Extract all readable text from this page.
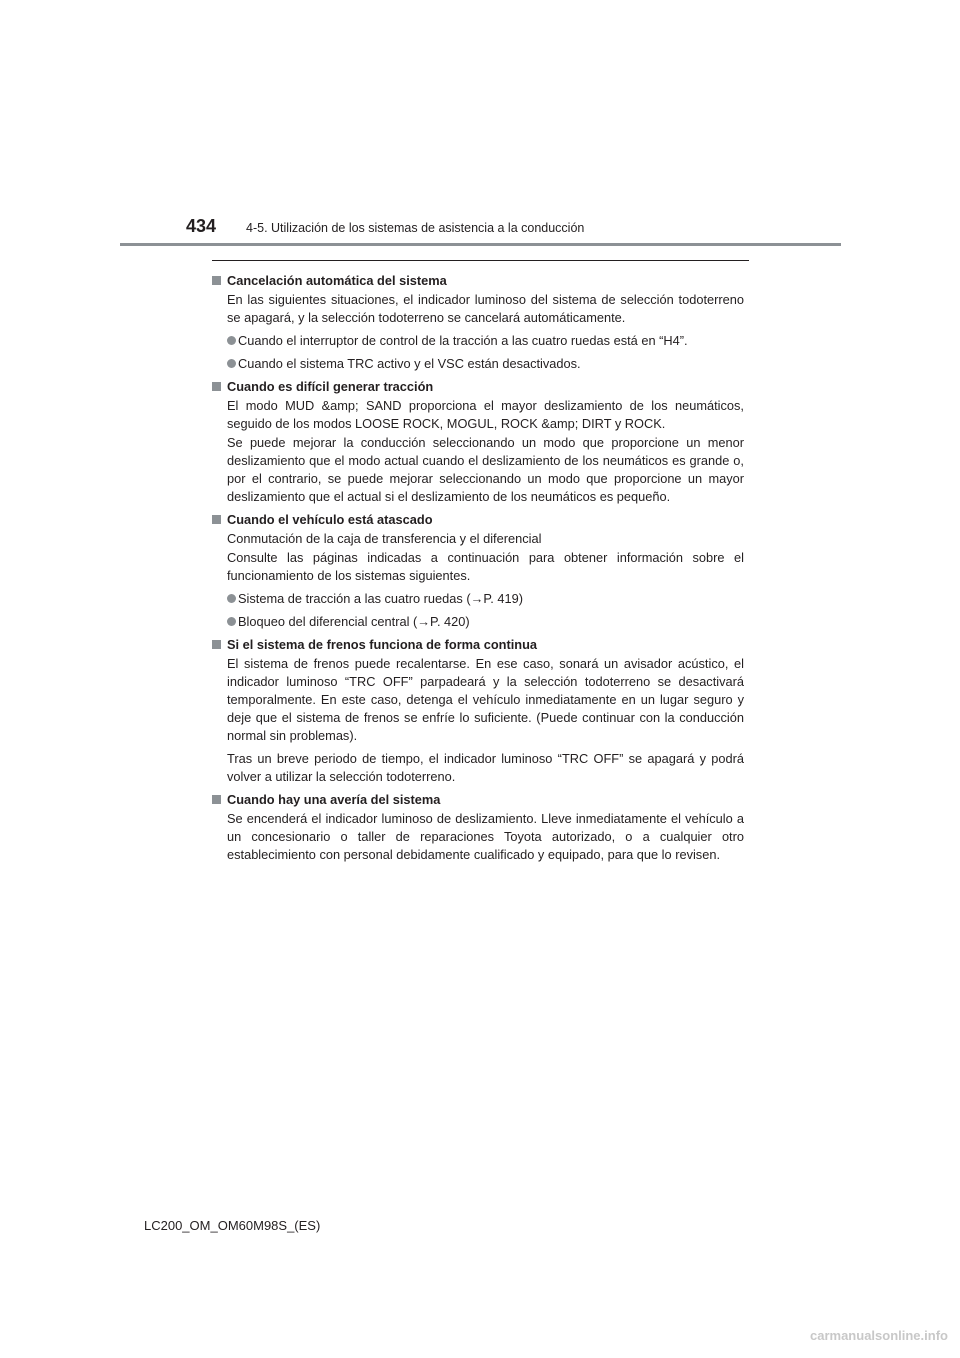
434 4-5. Utilización de los sistemas de asistencia a la conducción
Cancelación automática del sistema
En las siguientes situaciones, el indicador luminoso del sistema de selección todoterreno se apagará, y la selección todoterreno se cancelará automáticamente.
Cuando el interruptor de control de la tracción a las cuatro ruedas está en “H4”.
Cuando el sistema TRC activo y el VSC están desactivados.
Cuando es difícil generar tracción
El modo MUD &amp; SAND proporciona el mayor deslizamiento de los neumáticos, seguido de los modos LOOSE ROCK, MOGUL, ROCK &amp; DIRT y ROCK.
Se puede mejorar la conducción seleccionando un modo que proporcione un menor deslizamiento que el modo actual cuando el deslizamiento de los neumáticos es grande o, por el contrario, se puede mejorar seleccionando un modo que proporcione un mayor deslizamiento que el actual si el deslizamiento de los neumáticos es pequeño.
Cuando el vehículo está atascado
Conmutación de la caja de transferencia y el diferencial
Consulte las páginas indicadas a continuación para obtener información sobre el funcionamiento de los sistemas siguientes.
Sistema de tracción a las cuatro ruedas (→P. 419)
Bloqueo del diferencial central (→P. 420)
Si el sistema de frenos funciona de forma continua
El sistema de frenos puede recalentarse. En ese caso, sonará un avisador acústico, el indicador luminoso “TRC OFF” parpadeará y la selección todoterreno se desactivará temporalmente. En este caso, detenga el vehículo inmediatamente en un lugar seguro y deje que el sistema de frenos se enfríe lo suficiente. (Puede continuar con la conducción normal sin problemas).
Tras un breve periodo de tiempo, el indicador luminoso “TRC OFF” se apagará y podrá volver a utilizar la selección todoterreno.
Cuando hay una avería del sistema
Se encenderá el indicador luminoso de deslizamiento. Lleve inmediatamente el vehículo a un concesionario o taller de reparaciones Toyota autorizado, o a cualquier otro establecimiento con personal debidamente cualificado y equipado, para que lo revisen.
LC200_OM_OM60M98S_(ES)
carmanualsonline.info
